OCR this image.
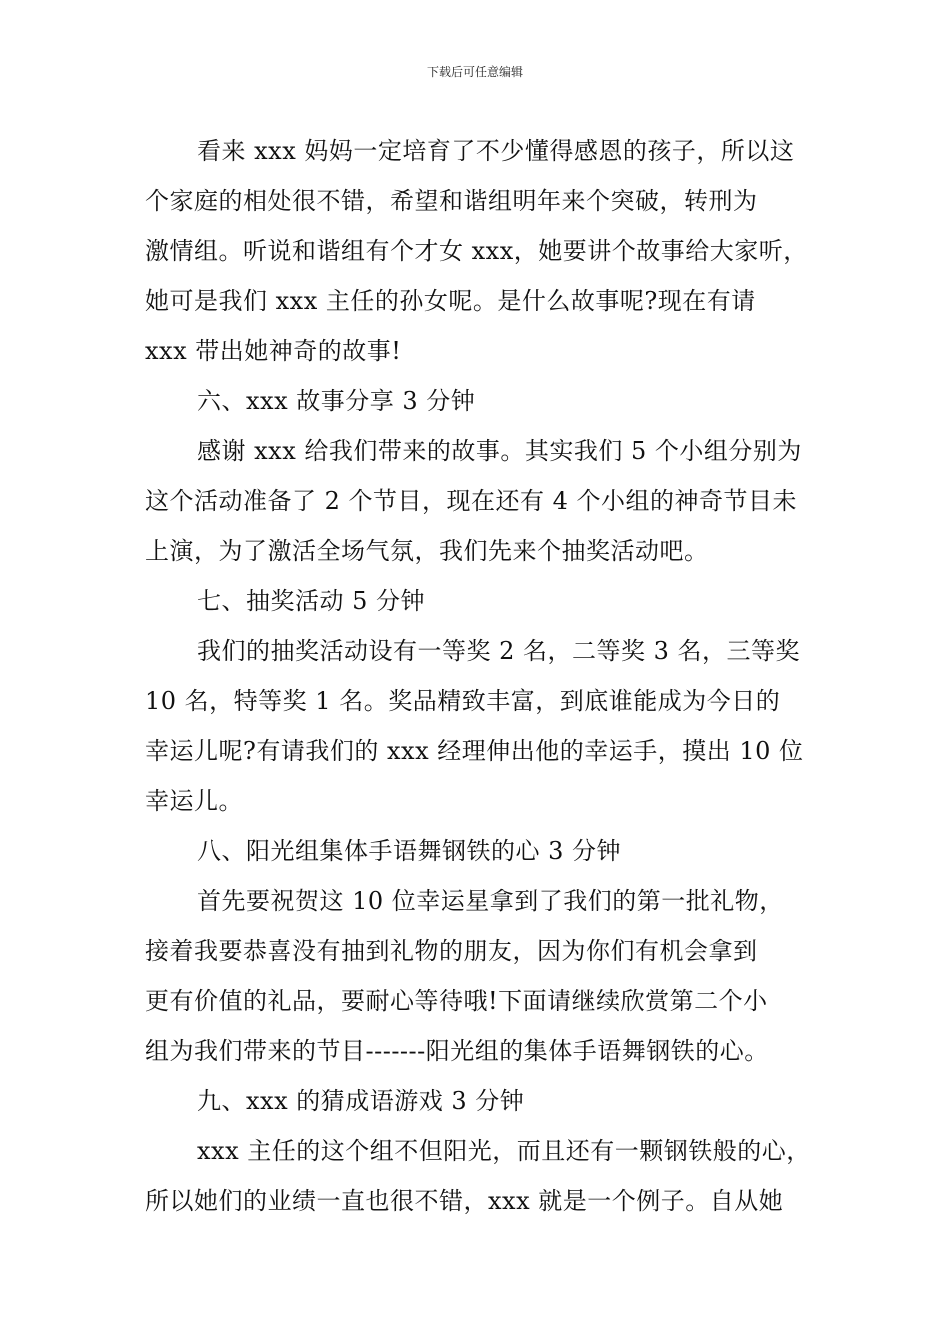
下载后可任意编辑
看来 xxx 妈妈一定培育了不少懂得感恩的孩子，所以这
个家庭的相处很不错，希望和谐组明年来个突破，转刑为
激情组。听说和谐组有个才女 xxx，她要讲个故事给大家听，
她可是我们 xxx 主任的孙女呢。是什么故事呢?现在有请
xxx 带出她神奇的故事!
六、xxx 故事分享 3 分钟
感谢 xxx 给我们带来的故事。其实我们 5 个小组分别为
这个活动准备了 2 个节目，现在还有 4 个小组的神奇节目未
上演，为了激活全场气氛，我们先来个抽奖活动吧。
七、抽奖活动 5 分钟
我们的抽奖活动设有一等奖 2 名，二等奖 3 名，三等奖
10 名，特等奖 1 名。奖品精致丰富，到底谁能成为今日的
幸运儿呢?有请我们的 xxx 经理伸出他的幸运手，摸出 10 位
幸运儿。
八、阳光组集体手语舞钢铁的心 3 分钟
首先要祝贺这 10 位幸运星拿到了我们的第一批礼物，
接着我要恭喜没有抽到礼物的朋友，因为你们有机会拿到
更有价值的礼品，要耐心等待哦!下面请继续欣赏第二个小
组为我们带来的节目-------阳光组的集体手语舞钢铁的心。
九、xxx 的猜成语游戏 3 分钟
xxx 主任的这个组不但阳光，而且还有一颗钢铁般的心，
所以她们的业绩一直也很不错，xxx 就是一个例子。自从她
